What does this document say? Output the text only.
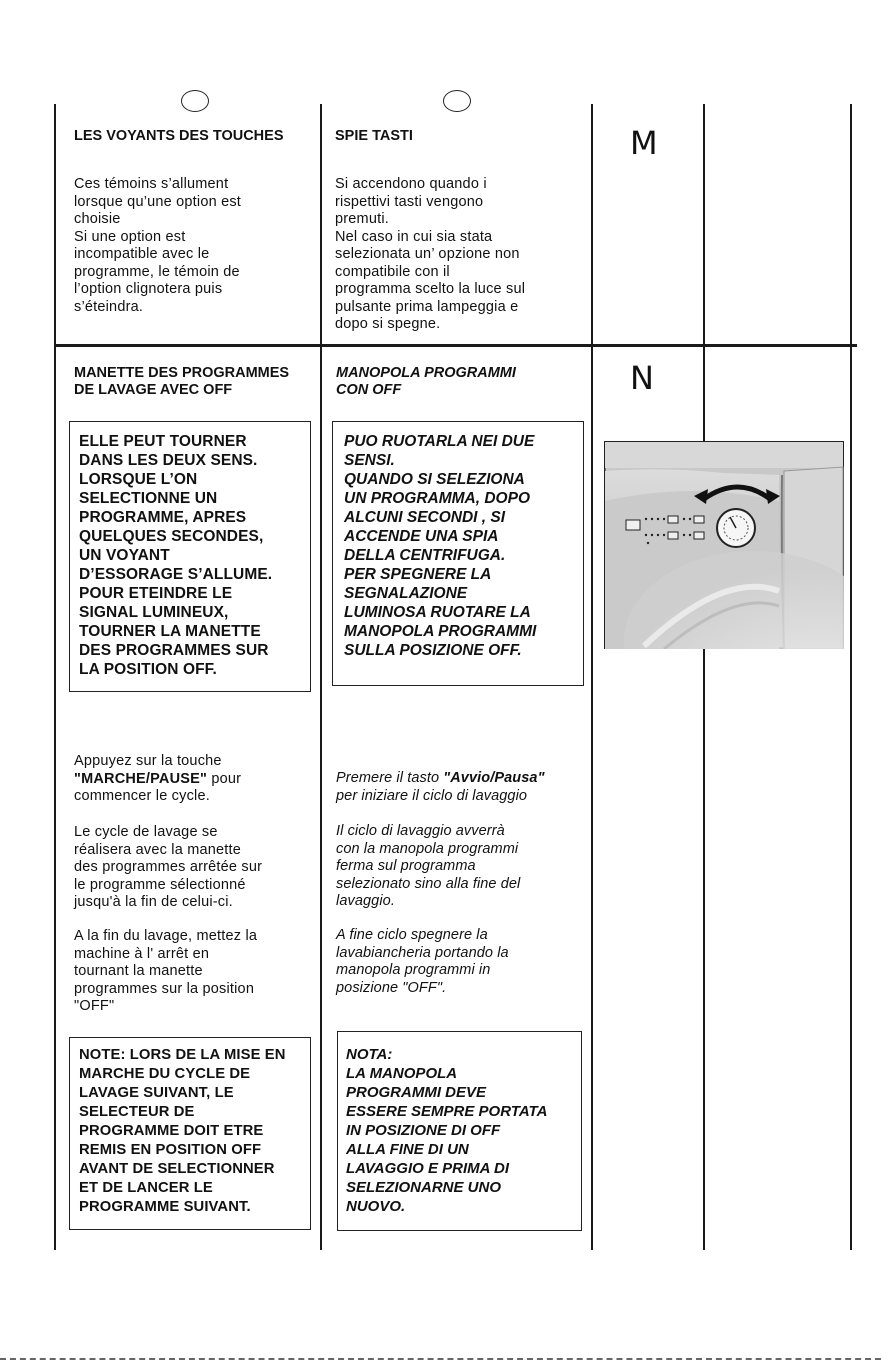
LES VOYANTS DES TOUCHES
Ces témoins s’allument
lorsque qu’une option est
choisie
Si une option est
incompatible avec le
programme, le témoin de
l’option clignotera puis
s’éteindra.
SPIE TASTI
Si accendono quando i
rispettivi tasti vengono
premuti.
Nel caso in cui sia stata
selezionata un’ opzione non
compatibile con il
programma scelto la luce sul
pulsante prima lampeggia e
dopo si spegne.
M
MANETTE DES PROGRAMMES
DE LAVAGE AVEC OFF
MANOPOLA PROGRAMMI
CON OFF	N
ELLE PEUT TOURNER
DANS LES DEUX SENS.
LORSQUE L’ON
SELECTIONNE UN
PROGRAMME, APRES
QUELQUES SECONDES,
UN VOYANT
D’ESSORAGE S’ALLUME.
POUR ETEINDRE LE
SIGNAL LUMINEUX,
TOURNER LA MANETTE
DES PROGRAMMES SUR
LA POSITION OFF.
PUO RUOTARLA NEI DUE
SENSI.
QUANDO SI SELEZIONA
UN PROGRAMMA, DOPO
ALCUNI SECONDI , SI
ACCENDE UNA SPIA
DELLA CENTRIFUGA.
PER SPEGNERE LA
SEGNALAZIONE
LUMINOSA RUOTARE LA
MANOPOLA PROGRAMMI
SULLA POSIZIONE OFF.
Appuyez sur la touche
"MARCHE/PAUSE" pour
commencer le cycle.
Le cycle de lavage se
réalisera avec la manette
des programmes arrêtée sur
le programme sélectionné
jusqu'à la fin de celui-ci.
A la fin du lavage, mettez la
machine à l' arrêt en
tournant la manette
programmes sur la position
"OFF"
Premere il tasto "Avvio/Pausa"
per iniziare il ciclo di lavaggio
Il ciclo di lavaggio avverrà
con la manopola programmi
ferma sul programma
selezionato sino alla fine del
lavaggio.
A fine ciclo spegnere la
lavabiancheria portando la
manopola programmi in
posizione "OFF".
NOTE: LORS DE LA MISE EN
MARCHE DU CYCLE DE
LAVAGE SUIVANT, LE
SELECTEUR DE
PROGRAMME DOIT ETRE
REMIS EN POSITION OFF
AVANT DE SELECTIONNER
ET DE LANCER LE
PROGRAMME SUIVANT.
NOTA:
LA MANOPOLA
PROGRAMMI DEVE
ESSERE SEMPRE PORTATA
IN POSIZIONE DI OFF
ALLA FINE DI UN
LAVAGGIO E PRIMA DI
SELEZIONARNE UNO
NUOVO.
